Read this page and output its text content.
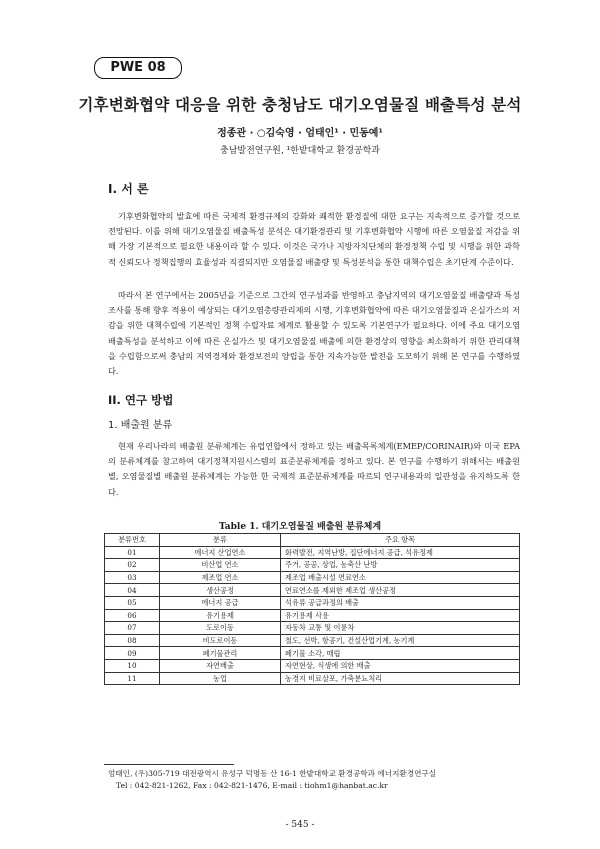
PWE 08
기후변화협약 대응을 위한 충청남도 대기오염물질 배출특성 분석
정종관 · ○김숙영 · 엄태인¹ · 민동예¹
충남발전연구원, ¹한밭대학교 환경공학과
I. 서 론
기후변화협약의 발효에 따른 국제적 환경규제의 강화와 쾌적한 환경질에 대한 요구는 지속적으로 증가할 것으로 전망된다. 이를 위해 대기오염물질 배출특성 분석은 대기환경관리 및 기후변화협약 시행에 따른 오염물질 저감을 위해 가장 기본적으로 필요한 내용이라 할 수 있다. 이것은 국가나 지방자치단체의 환경정책 수립 및 시행을 위한 과학적 신뢰도나 정책집행의 효율성과 직결되지만 오염물질 배출량 및 특성분석을 통한 대책수립은 초기단계 수준이다.
따라서 본 연구에서는 2005년을 기준으로 그간의 연구성과를 반영하고 충남지역의 대기오염물질 배출량과 특성조사를 통해 향후 적용이 예상되는 대기오염총량관리제의 시행, 기후변화협약에 따른 대기오염물질과 온실가스의 저감을 위한 대책수립에 기본적인 정책 수립자료 체계로 활용할 수 있도록 기본연구가 필요하다. 이에 주요 대기오염 배출특성을 분석하고 이에 따른 온실가스 및 대기오염물질 배출에 의한 환경상의 영향을 최소화하기 위한 관리대책을 수립함으로써 충남의 지역경제와 환경보전의 양립을 통한 지속가능한 발전을 도모하기 위해 본 연구를 수행하였다.
II. 연구 방법
1. 배출원 분류
현재 우리나라의 배출원 분류체계는 유럽연합에서 정하고 있는 배출목록체계(EMEP/CORINAIR)와 미국 EPA의 분류체계를 참고하여 대기정책지원시스템의 표준분류체계를 정하고 있다. 본 연구를 수행하기 위해서는 배출원별, 오염물질별 배출원 분류체계는 가능한 한 국제적 표준분류체계를 따르되 연구내용과의 일관성을 유지하도록 한다.
Table 1. 대기오염물질 배출원 분류체계
분류번호	분류	주요 항목
01	에너지 산업연소	화력발전, 지역난방, 집단에너지 공급, 석유정제
02	비산업 연소	주거, 공공, 상업, 농축산 난방
03	제조업 연소	제조업 배출시설 연료연소
04	생산공정	연료연소를 제외한 제조업 생산공정
05	에너지 공급	석유류 공급과정의 배출
06	유기용제	유기용제 사용
07	도로이동	자동차 교통 및 이륜차
08	비도로이동	철도, 선박, 항공기, 건설산업기계, 농기계
09	폐기물관리	폐기물 소각, 매립
10	자연배출	자연현상, 식생에 의한 배출
11	농업	농경지 비료살포, 가축분뇨처리
엄태인, (우)305-719 대전광역시 유성구 덕명동 산 16-1 한밭대학교 환경공학과 에너지환경연구실
Tel : 042-821-1262, Fax : 042-821-1476, E-mail : tiohm1@hanbat.ac.kr
- 545 -
